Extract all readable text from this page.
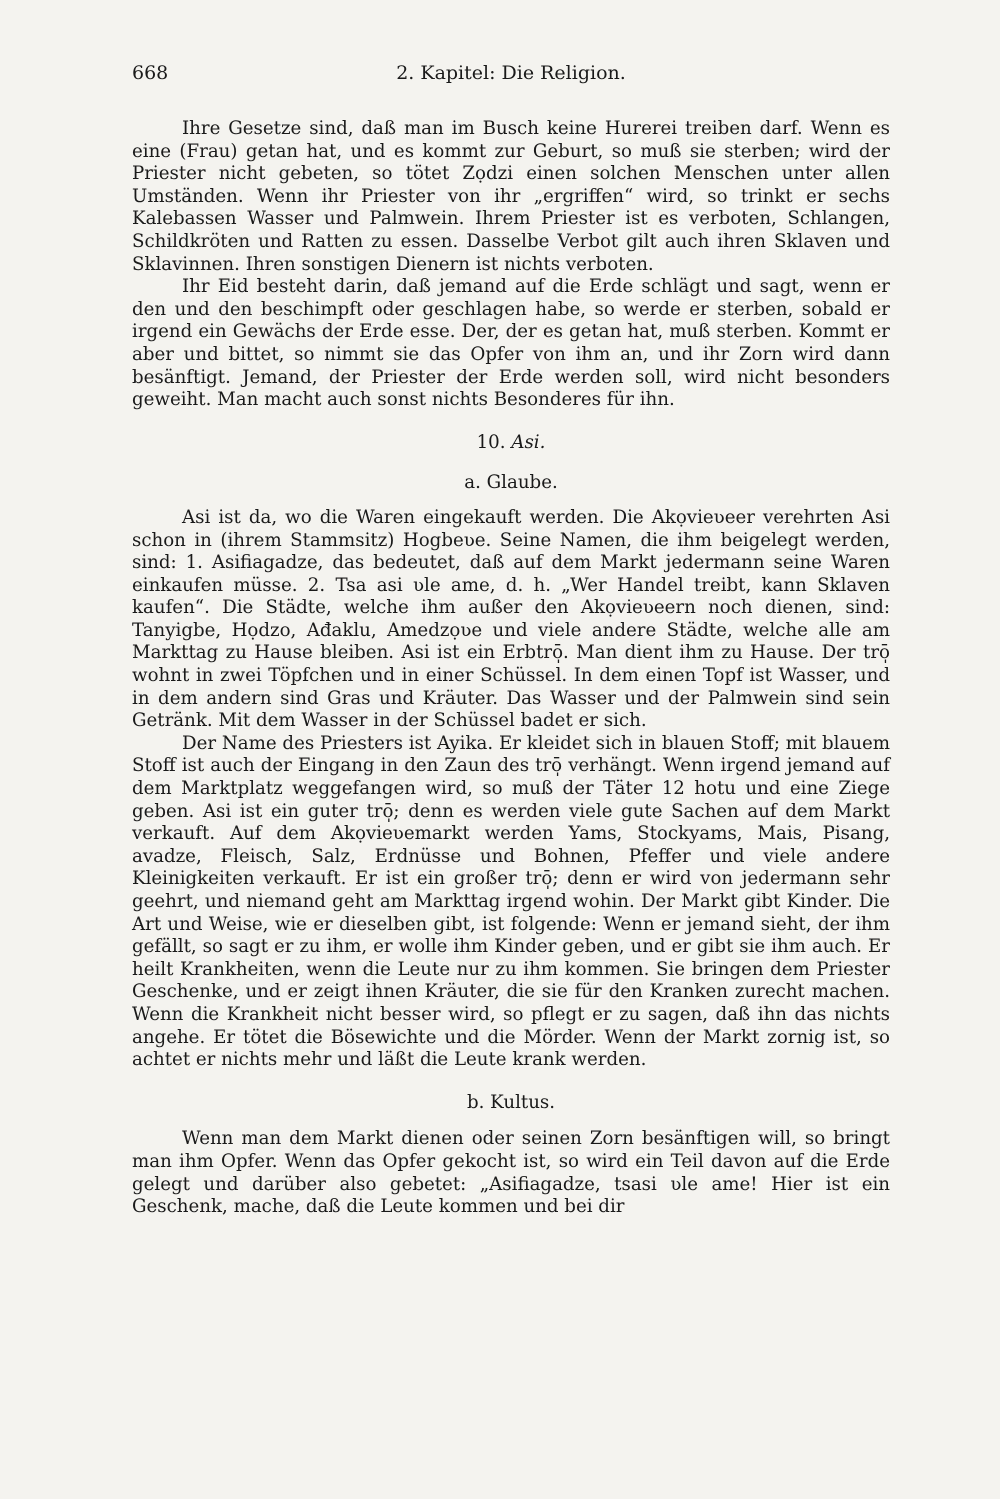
668	2. Kapitel: Die Religion.

Ihre Gesetze sind, daß man im Busch keine Hurerei treiben darf. Wenn es eine (Frau) getan hat, und es kommt zur Geburt, so muß sie sterben; wird der Priester nicht gebeten, so tötet Zọdzi einen solchen Menschen unter allen Umständen. Wenn ihr Priester von ihr „ergriffen“ wird, so trinkt er sechs Kalebassen Wasser und Palmwein. Ihrem Priester ist es verboten, Schlangen, Schildkröten und Ratten zu essen. Dasselbe Verbot gilt auch ihren Sklaven und Sklavinnen. Ihren sonstigen Dienern ist nichts verboten.

Ihr Eid besteht darin, daß jemand auf die Erde schlägt und sagt, wenn er den und den beschimpft oder geschlagen habe, so werde er sterben, sobald er irgend ein Gewächs der Erde esse. Der, der es getan hat, muß sterben. Kommt er aber und bittet, so nimmt sie das Opfer von ihm an, und ihr Zorn wird dann besänftigt. Jemand, der Priester der Erde werden soll, wird nicht besonders geweiht. Man macht auch sonst nichts Besonderes für ihn.

10. Asi.
a. Glaube.

Asi ist da, wo die Waren eingekauft werden. Die Akọvieʋeer verehrten Asi schon in (ihrem Stammsitz) Hogbeʋe. Seine Namen, die ihm beigelegt werden, sind: 1. Asifiagadze, das bedeutet, daß auf dem Markt jedermann seine Waren einkaufen müsse. 2. Tsa asi ʋle ame, d. h. „Wer Handel treibt, kann Sklaven kaufen“. Die Städte, welche ihm außer den Akọvieʋeern noch dienen, sind: Tanyigbe, Họdzo, Ađaklu, Amedzọʋe und viele andere Städte, welche alle am Markttag zu Hause bleiben. Asi ist ein Erbtrō̩. Man dient ihm zu Hause. Der trō̩ wohnt in zwei Töpfchen und in einer Schüssel. In dem einen Topf ist Wasser, und in dem andern sind Gras und Kräuter. Das Wasser und der Palmwein sind sein Getränk. Mit dem Wasser in der Schüssel badet er sich.

Der Name des Priesters ist Ayika. Er kleidet sich in blauen Stoff; mit blauem Stoff ist auch der Eingang in den Zaun des trō̩ verhängt. Wenn irgend jemand auf dem Marktplatz weggefangen wird, so muß der Täter 12 hotu und eine Ziege geben. Asi ist ein guter trō̩; denn es werden viele gute Sachen auf dem Markt verkauft. Auf dem Akọvieʋemarkt werden Yams, Stockyams, Mais, Pisang, avadze, Fleisch, Salz, Erdnüsse und Bohnen, Pfeffer und viele andere Kleinigkeiten verkauft. Er ist ein großer trō̩; denn er wird von jedermann sehr geehrt, und niemand geht am Markttag irgend wohin. Der Markt gibt Kinder. Die Art und Weise, wie er dieselben gibt, ist folgende: Wenn er jemand sieht, der ihm gefällt, so sagt er zu ihm, er wolle ihm Kinder geben, und er gibt sie ihm auch. Er heilt Krankheiten, wenn die Leute nur zu ihm kommen. Sie bringen dem Priester Geschenke, und er zeigt ihnen Kräuter, die sie für den Kranken zurecht machen. Wenn die Krankheit nicht besser wird, so pflegt er zu sagen, daß ihn das nichts angehe. Er tötet die Bösewichte und die Mörder. Wenn der Markt zornig ist, so achtet er nichts mehr und läßt die Leute krank werden.

b. Kultus.

Wenn man dem Markt dienen oder seinen Zorn besänftigen will, so bringt man ihm Opfer. Wenn das Opfer gekocht ist, so wird ein Teil davon auf die Erde gelegt und darüber also gebetet: „Asifiagadze, tsasi ʋle ame! Hier ist ein Geschenk, mache, daß die Leute kommen und bei dir
